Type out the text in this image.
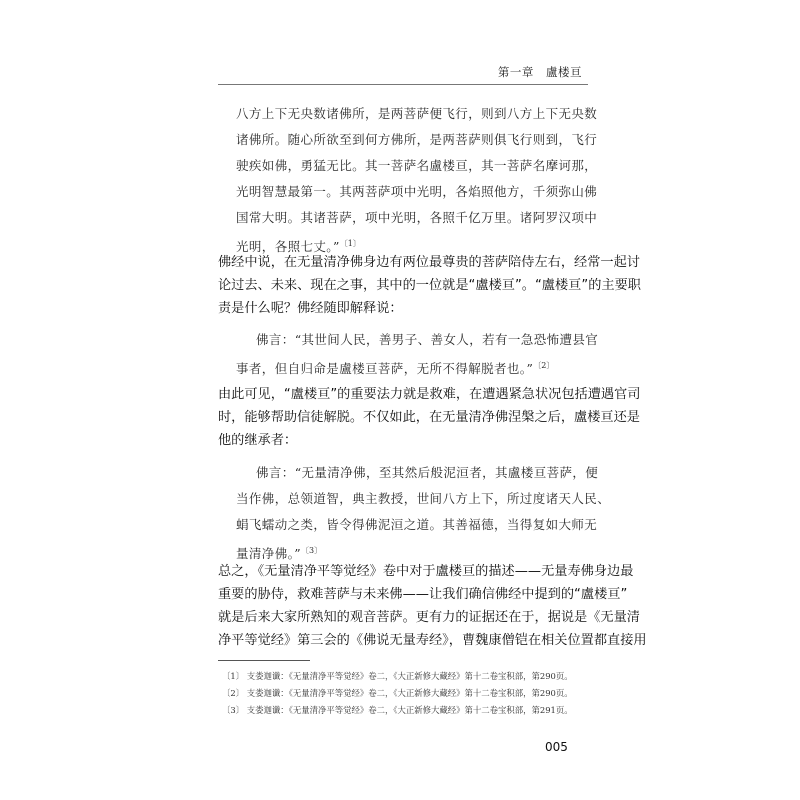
第一章 盧楼亘
八方上下无央数诸佛所，是两菩萨便飞行，则到八方上下无央数
诸佛所。随心所欲至到何方佛所，是两菩萨则俱飞行则到，飞行
驶疾如佛，勇猛无比。其一菩萨名盧楼亘，其一菩萨名摩诃那，
光明智慧最第一。其两菩萨项中光明，各焰照他方，千须弥山佛
国常大明。其诸菩萨，项中光明，各照千亿万里。诸阿罗汉项中
光明，各照七丈。”$^{〔1〕}$
佛经中说，在无量清净佛身边有两位最尊贵的菩萨陪侍左右，经常一起讨
论过去、未来、现在之事，其中的一位就是“盧楼亘”。“盧楼亘”的主要职
责是什么呢？佛经随即解释说：
佛言：“其世间人民，善男子、善女人，若有一急恐怖遭县官
事者，但自归命是盧楼亘菩萨，无所不得解脱者也。”$^{〔2〕}$
由此可见，“盧楼亘”的重要法力就是救难，在遭遇紧急状况包括遭遇官司
时，能够帮助信徒解脱。不仅如此，在无量清净佛涅槃之后，盧楼亘还是
他的继承者：
佛言：“无量清净佛，至其然后般泥洹者，其盧楼亘菩萨，便
当作佛，总领道智，典主教授，世间八方上下，所过度诸天人民、
蜎飞蠕动之类，皆令得佛泥洹之道。其善福德，当得复如大师无
量清净佛。”$^{〔3〕}$
总之，《无量清净平等觉经》卷中对于盧楼亘的描述——无量寿佛身边最
重要的胁侍，救难菩萨与未来佛——让我们确信佛经中提到的“盧楼亘”
就是后来大家所熟知的观音菩萨。更有力的证据还在于，据说是《无量清
净平等觉经》第三会的《佛说无量寿经》，曹魏康僧铠在相关位置都直接用
〔1〕 支娄迦谶：《无量清净平等觉经》卷二，《大正新修大藏经》第十二卷宝积部，第290页。
〔2〕 支娄迦谶：《无量清净平等觉经》卷二，《大正新修大藏经》第十二卷宝积部，第290页。
〔3〕 支娄迦谶：《无量清净平等觉经》卷二，《大正新修大藏经》第十二卷宝积部，第291页。
005
